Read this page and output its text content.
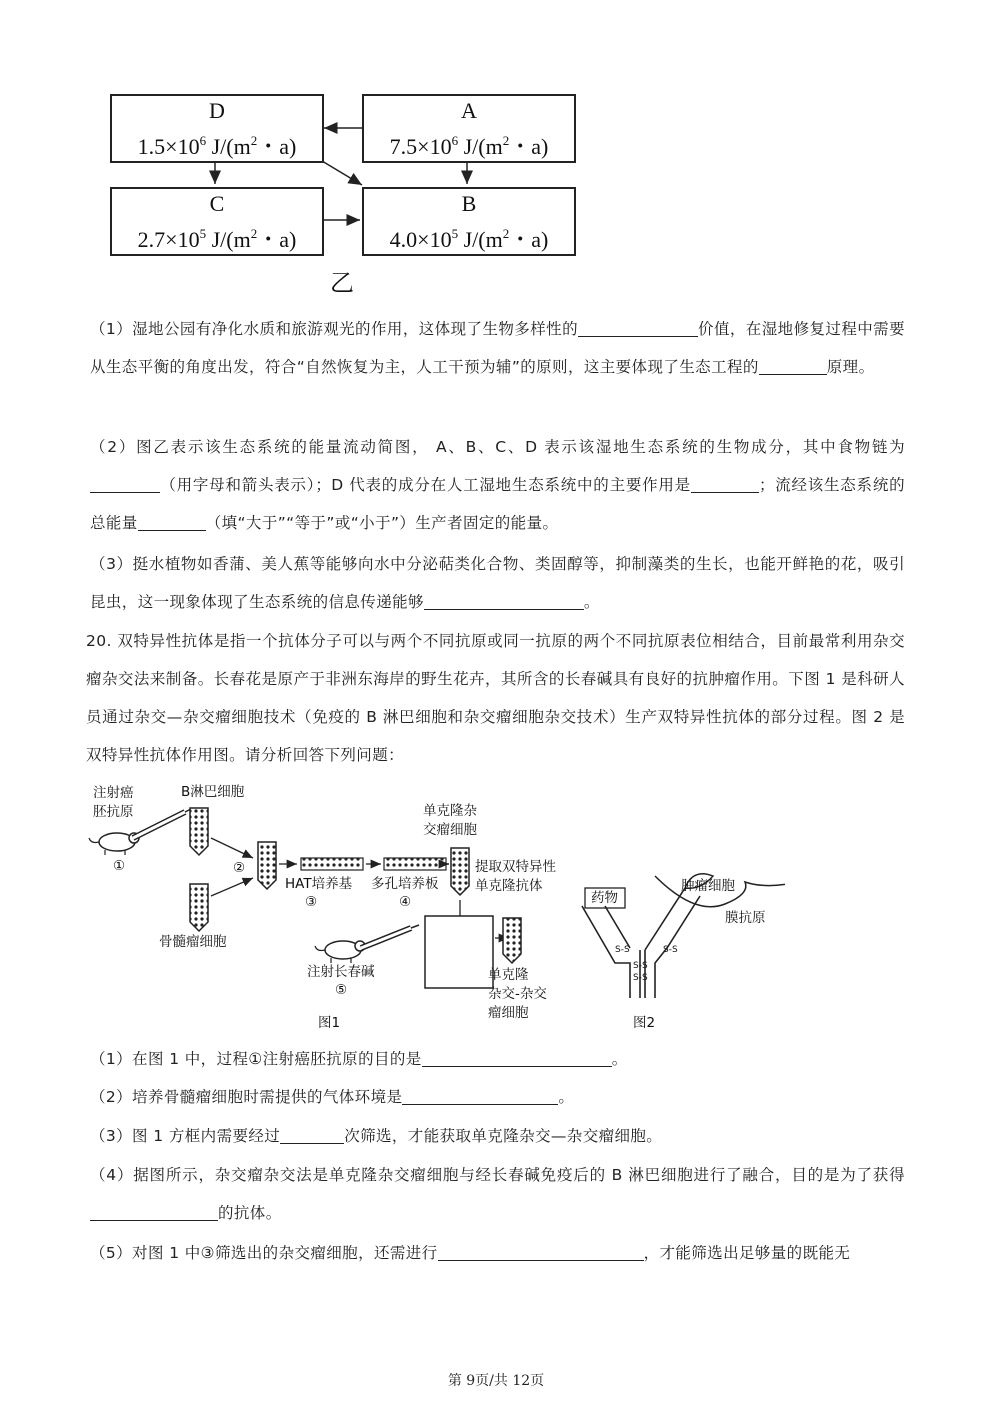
D
$1.5\times 10^6$ $J/(m^2$・a)
A
$7.5\times 10^6$ $J/(m^2$・a)
C
$2.7\times 10^5$ $J/(m^2$・a)
B
$4.0\times 10^5$ $J/(m^2$・a)
乙
（1）湿地公园有净化水质和旅游观光的作用，这体现了生物多样性的	价值，在湿地修复过程中需要从生态平衡的角度出发，符合“自然恢复为主，人工干预为辅”的原则，这主要体现了生态工程的	原理。
（2）图乙表示该生态系统的能量流动简图， A、B、C、D 表示该湿地生态系统的生物成分，其中食物链为（用字母和箭头表示）；D 代表的成分在人工湿地生态系统中的主要作用是	；流经该生态系统的总能量	（填“大于”“等于”或“小于”）生产者固定的能量。
（3）挺水植物如香蒲、美人蕉等能够向水中分泌萜类化合物、类固醇等，抑制藻类的生长，也能开鲜艳的花，吸引昆虫，这一现象体现了生态系统的信息传递能够	。
20. 双特异性抗体是指一个抗体分子可以与两个不同抗原或同一抗原的两个不同抗原表位相结合，目前最常利用杂交瘤杂交法来制备。长春花是原产于非洲东海岸的野生花卉，其所含的长春碱具有良好的抗肿瘤作用。下图 1 是科研人员通过杂交—杂交瘤细胞技术（免疫的 B 淋巴细胞和杂交瘤细胞杂交技术）生产双特异性抗体的部分过程。图 2 是双特异性抗体作用图。请分析回答下列问题：
注射癌
胚抗原
B淋巴细胞
①	②
骨髓瘤细胞
HAT培养基
③
多孔培养板
④
单克隆杂
交瘤细胞
提取双特异性
单克隆抗体
注射长春碱
⑤
单克隆
杂交-杂交
瘤细胞
图1
药物
肿瘤细胞
膜抗原
S-S
S-S
S-S
S-S
图2
（1）在图 1 中，过程①注射癌胚抗原的目的是	。
（2）培养骨髓瘤细胞时需提供的气体环境是	。
（3）图 1 方框内需要经过	次筛选，才能获取单克隆杂交—杂交瘤细胞。
（4）据图所示，杂交瘤杂交法是单克隆杂交瘤细胞与经长春碱免疫后的 B 淋巴细胞进行了融合，目的是为了获得的抗体。
（5）对图 1 中③筛选出的杂交瘤细胞，还需进行	，才能筛选出足够量的既能无
第 9页/共 12页
